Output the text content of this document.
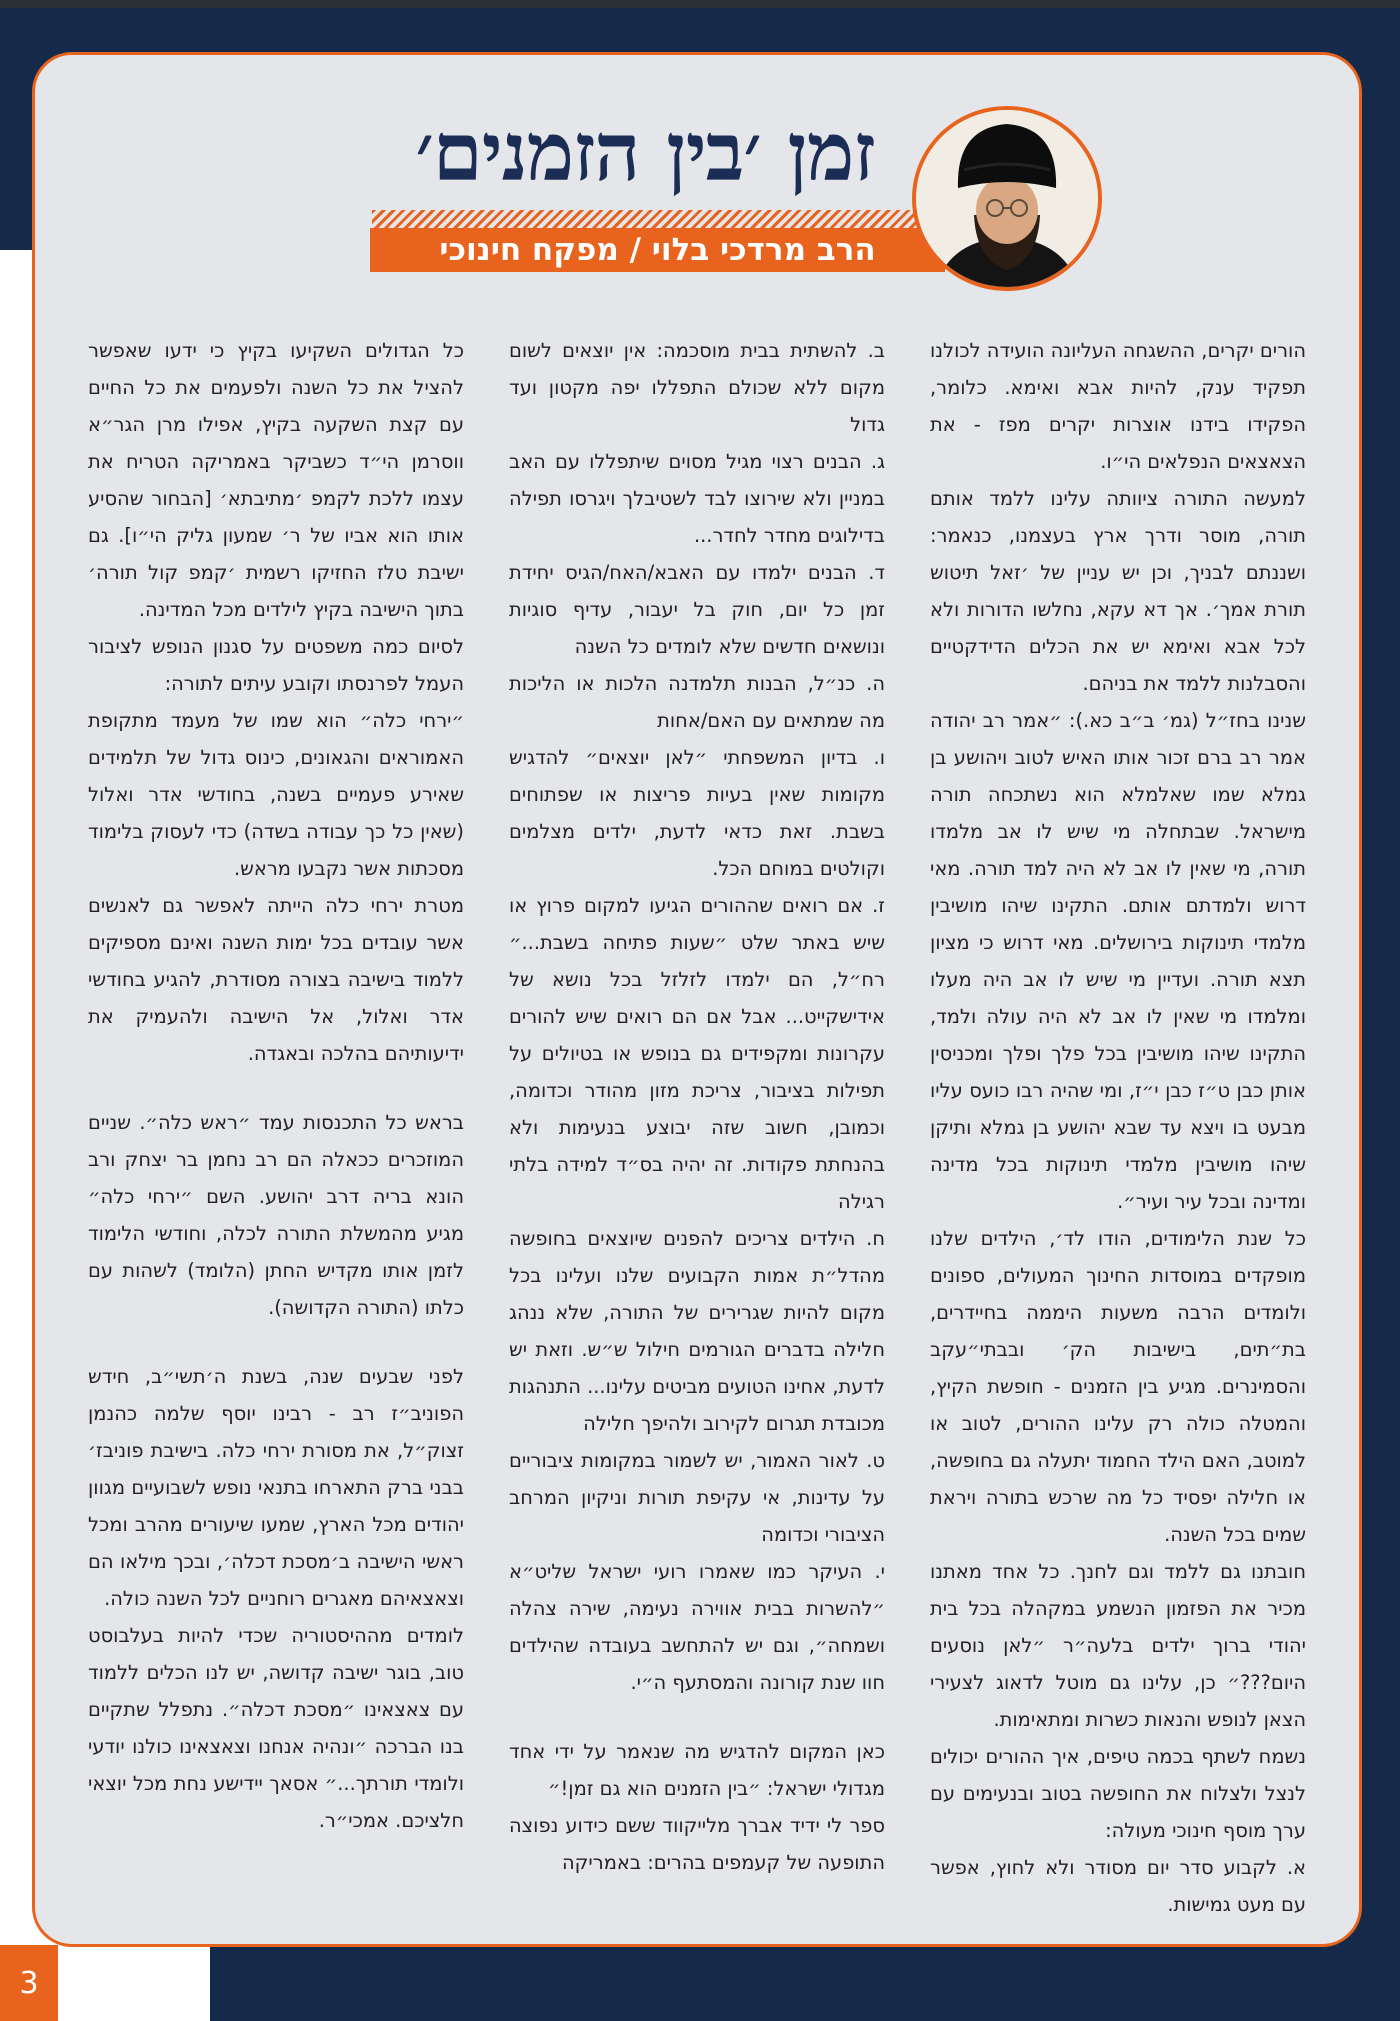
3
זמן ׳בין הזמנים׳
הרב מרדכי בלוי / מפקח חינוכי

הורים יקרים, ההשגחה העליונה הועידה לכולנו תפקיד ענק, להיות אבא ואימא. כלומר, הפקידו בידנו אוצרות יקרים מפז - את הצאצאים הנפלאים הי״ו.

למעשה התורה ציוותה עלינו ללמד אותם תורה, מוסר ודרך ארץ בעצמנו, כנאמר: ושננתם לבניך, וכן יש עניין של ׳זאל תיטוש תורת אמך׳. אך דא עקא, נחלשו הדורות ולא לכל אבא ואימא יש את הכלים הדידקטיים והסבלנות ללמד את בניהם.

שנינו בחז״ל (גמ׳ ב״ב כא.): ״אמר רב יהודה אמר רב ברם זכור אותו האיש לטוב ויהושע בן גמלא שמו שאלמלא הוא נשתכחה תורה מישראל. שבתחלה מי שיש לו אב מלמדו תורה, מי שאין לו אב לא היה למד תורה. מאי דרוש ולמדתם אותם. התקינו שיהו מושיבין מלמדי תינוקות בירושלים. מאי דרוש כי מציון תצא תורה. ועדיין מי שיש לו אב היה מעלו ומלמדו מי שאין לו אב לא היה עולה ולמד, התקינו שיהו מושיבין בכל פלך ופלך ומכניסין אותן כבן ט״ז כבן י״ז, ומי שהיה רבו כועס עליו מבעט בו ויצא עד שבא יהושע בן גמלא ותיקן שיהו מושיבין מלמדי תינוקות בכל מדינה ומדינה ובכל עיר ועיר״.

כל שנת הלימודים, הודו לד׳, הילדים שלנו מופקדים במוסדות החינוך המעולים, ספונים ולומדים הרבה משעות היממה בחיידרים, בת״תים, בישיבות הק׳ ובבתי״עקב והסמינרים. מגיע בין הזמנים - חופשת הקיץ, והמטלה כולה רק עלינו ההורים, לטוב או למוטב, האם הילד החמוד יתעלה גם בחופשה, או חלילה יפסיד כל מה שרכש בתורה ויראת שמים בכל השנה.

חובתנו גם ללמד וגם לחנך. כל אחד מאתנו מכיר את הפזמון הנשמע במקהלה בכל בית יהודי ברוך ילדים בלעה״ר ״לאן נוסעים היום???״ כן, עלינו גם מוטל לדאוג לצעירי הצאן לנופש והנאות כשרות ומתאימות.

נשמח לשתף בכמה טיפים, איך ההורים יכולים לנצל ולצלוח את החופשה בטוב ובנעימים עם ערך מוסף חינוכי מעולה:

א. לקבוע סדר יום מסודר ולא לחוץ, אפשר עם מעט גמישות.

ב. להשתית בבית מוסכמה: אין יוצאים לשום מקום ללא שכולם התפללו יפה מקטון ועד גדול

ג. הבנים רצוי מגיל מסוים שיתפללו עם האב במניין ולא שירוצו לבד לשטיבלך ויגרסו תפילה בדילוגים מחדר לחדר...

ד. הבנים ילמדו עם האבא/האח/הגיס יחידת זמן כל יום, חוק בל יעבור, עדיף סוגיות ונושאים חדשים שלא לומדים כל השנה

ה. כנ״ל, הבנות תלמדנה הלכות או הליכות מה שמתאים עם האם/אחות

ו. בדיון המשפחתי ״לאן יוצאים״ להדגיש מקומות שאין בעיות פריצות או שפתוחים בשבת. זאת כדאי לדעת, ילדים מצלמים וקולטים במוחם הכל.

ז. אם רואים שההורים הגיעו למקום פרוץ או שיש באתר שלט ״שעות פתיחה בשבת...״ רח״ל, הם ילמדו לזלזל בכל נושא של אידישקייט... אבל אם הם רואים שיש להורים עקרונות ומקפידים גם בנופש או בטיולים על תפילות בציבור, צריכת מזון מהודר וכדומה, וכמובן, חשוב שזה יבוצע בנעימות ולא בהנחתת פקודות. זה יהיה בס״ד למידה בלתי רגילה

ח. הילדים צריכים להפנים שיוצאים בחופשה מהדל״ת אמות הקבועים שלנו ועלינו בכל מקום להיות שגרירים של התורה, שלא ננהג חלילה בדברים הגורמים חילול ש״ש. וזאת יש לדעת, אחינו הטועים מביטים עלינו... התנהגות מכובדת תגרום לקירוב ולהיפך חלילה

ט. לאור האמור, יש לשמור במקומות ציבוריים על עדינות, אי עקיפת תורות וניקיון המרחב הציבורי וכדומה

י. העיקר כמו שאמרו רועי ישראל שליט״א ״להשרות בבית אווירה נעימה, שירה צהלה ושמחה״, וגם יש להתחשב בעובדה שהילדים חוו שנת קורונה והמסתעף ה״י.

כאן המקום להדגיש מה שנאמר על ידי אחד מגדולי ישראל: ״בין הזמנים הוא גם זמן!״

ספר לי ידיד אברך מלייקווד ששם כידוע נפוצה התופעה של קעמפים בהרים: באמריקה

כל הגדולים השקיעו בקיץ כי ידעו שאפשר להציל את כל השנה ולפעמים את כל החיים עם קצת השקעה בקיץ, אפילו מרן הגר״א ווסרמן הי״ד כשביקר באמריקה הטריח את עצמו ללכת לקמפ ׳מתיבתא׳ [הבחור שהסיע אותו הוא אביו של ר׳ שמעון גליק הי״ו]. גם ישיבת טלז החזיקו רשמית ׳קמפ קול תורה׳ בתוך הישיבה בקיץ לילדים מכל המדינה.

לסיום כמה משפטים על סגנון הנופש לציבור העמל לפרנסתו וקובע עיתים לתורה:

״ירחי כלה״ הוא שמו של מעמד מתקופת האמוראים והגאונים, כינוס גדול של תלמידים שאירע פעמיים בשנה, בחודשי אדר ואלול (שאין כל כך עבודה בשדה) כדי לעסוק בלימוד מסכתות אשר נקבעו מראש.

מטרת ירחי כלה הייתה לאפשר גם לאנשים אשר עובדים בכל ימות השנה ואינם מספיקים ללמוד בישיבה בצורה מסודרת, להגיע בחודשי אדר ואלול, אל הישיבה ולהעמיק את ידיעותיהם בהלכה ובאגדה.

בראש כל התכנסות עמד ״ראש כלה״. שניים המוזכרים ככאלה הם רב נחמן בר יצחק ורב הונא בריה דרב יהושע. השם ״ירחי כלה״ מגיע מהמשלת התורה לכלה, וחודשי הלימוד לזמן אותו מקדיש החתן (הלומד) לשהות עם כלתו (התורה הקדושה).

לפני שבעים שנה, בשנת ה׳תשי״ב, חידש הפוניב״ז רב - רבינו יוסף שלמה כהנמן זצוק״ל, את מסורת ירחי כלה. בישיבת פוניבז׳ בבני ברק התארחו בתנאי נופש לשבועיים מגוון יהודים מכל הארץ, שמעו שיעורים מהרב ומכל ראשי הישיבה ב׳מסכת דכלה׳, ובכך מילאו הם וצאצאיהם מאגרים רוחניים לכל השנה כולה.

לומדים מההיסטוריה שכדי להיות בעלבוסט טוב, בוגר ישיבה קדושה, יש לנו הכלים ללמוד עם צאצאינו ״מסכת דכלה״. נתפלל שתקיים בנו הברכה ״ונהיה אנחנו וצאצאינו כולנו יודעי ולומדי תורתך...״ אסאך יידישע נחת מכל יוצאי חלציכם. אמכי״ר.
